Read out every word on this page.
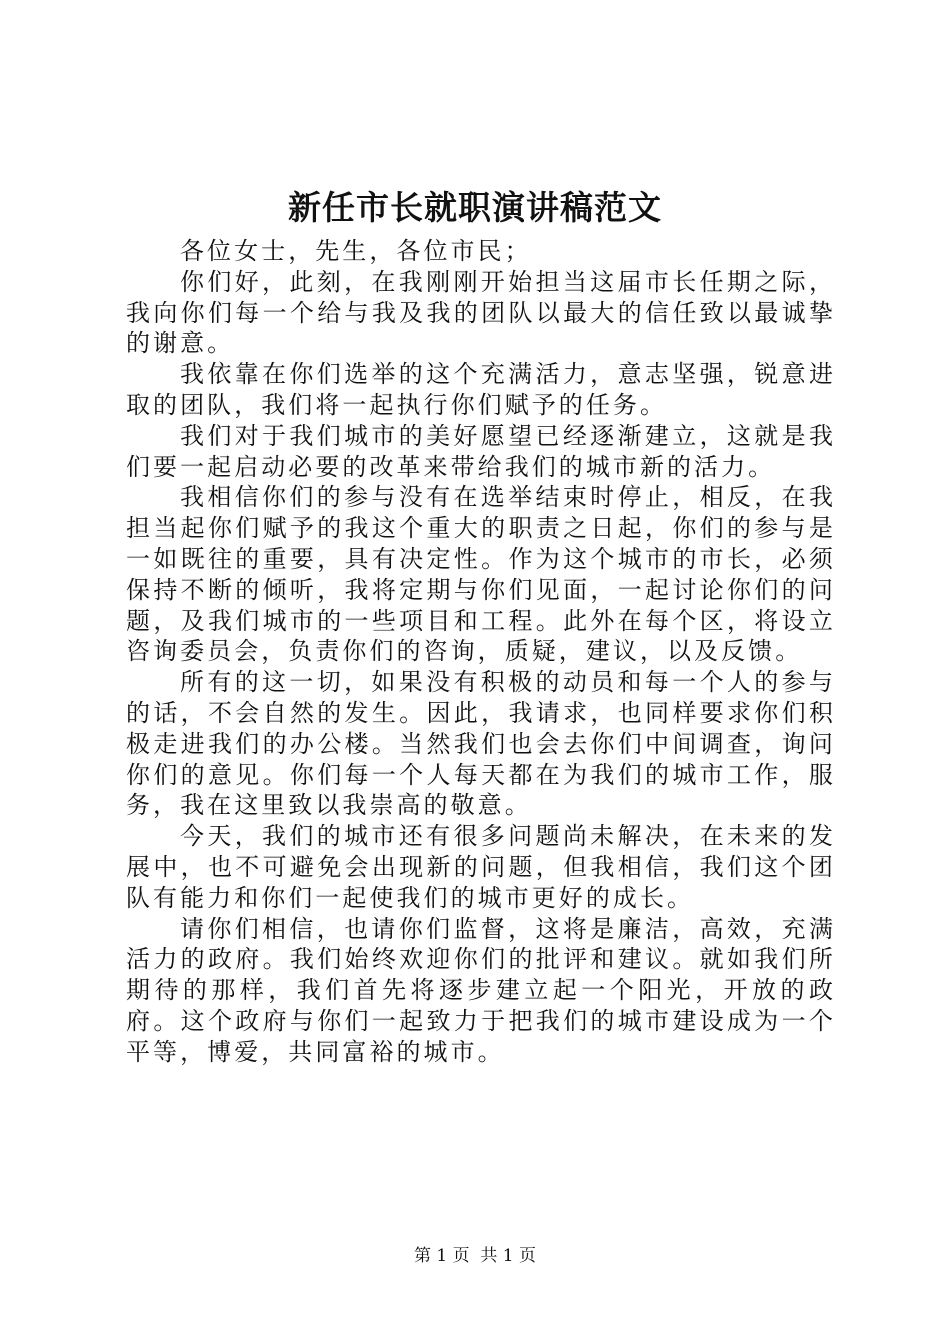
新任市长就职演讲稿范文

各位女士，先生，各位市民；

你们好，此刻，在我刚刚开始担当这届市长任期之际，我向你们每一个给与我及我的团队以最大的信任致以最诚挚的谢意。

我依靠在你们选举的这个充满活力，意志坚强，锐意进取的团队，我们将一起执行你们赋予的任务。

我们对于我们城市的美好愿望已经逐渐建立，这就是我们要一起启动必要的改革来带给我们的城市新的活力。

我相信你们的参与没有在选举结束时停止，相反，在我担当起你们赋予的我这个重大的职责之日起，你们的参与是一如既往的重要，具有决定性。作为这个城市的市长，必须保持不断的倾听，我将定期与你们见面，一起讨论你们的问题，及我们城市的一些项目和工程。此外在每个区，将设立咨询委员会，负责你们的咨询，质疑，建议，以及反馈。

所有的这一切，如果没有积极的动员和每一个人的参与的话，不会自然的发生。因此，我请求，也同样要求你们积极走进我们的办公楼。当然我们也会去你们中间调查，询问你们的意见。你们每一个人每天都在为我们的城市工作，服务，我在这里致以我崇高的敬意。

今天，我们的城市还有很多问题尚未解决，在未来的发展中，也不可避免会出现新的问题，但我相信，我们这个团队有能力和你们一起使我们的城市更好的成长。

请你们相信，也请你们监督，这将是廉洁，高效，充满活力的政府。我们始终欢迎你们的批评和建议。就如我们所期待的那样，我们首先将逐步建立起一个阳光，开放的政府。这个政府与你们一起致力于把我们的城市建设成为一个平等，博爱，共同富裕的城市。

第 1 页 共 1 页
